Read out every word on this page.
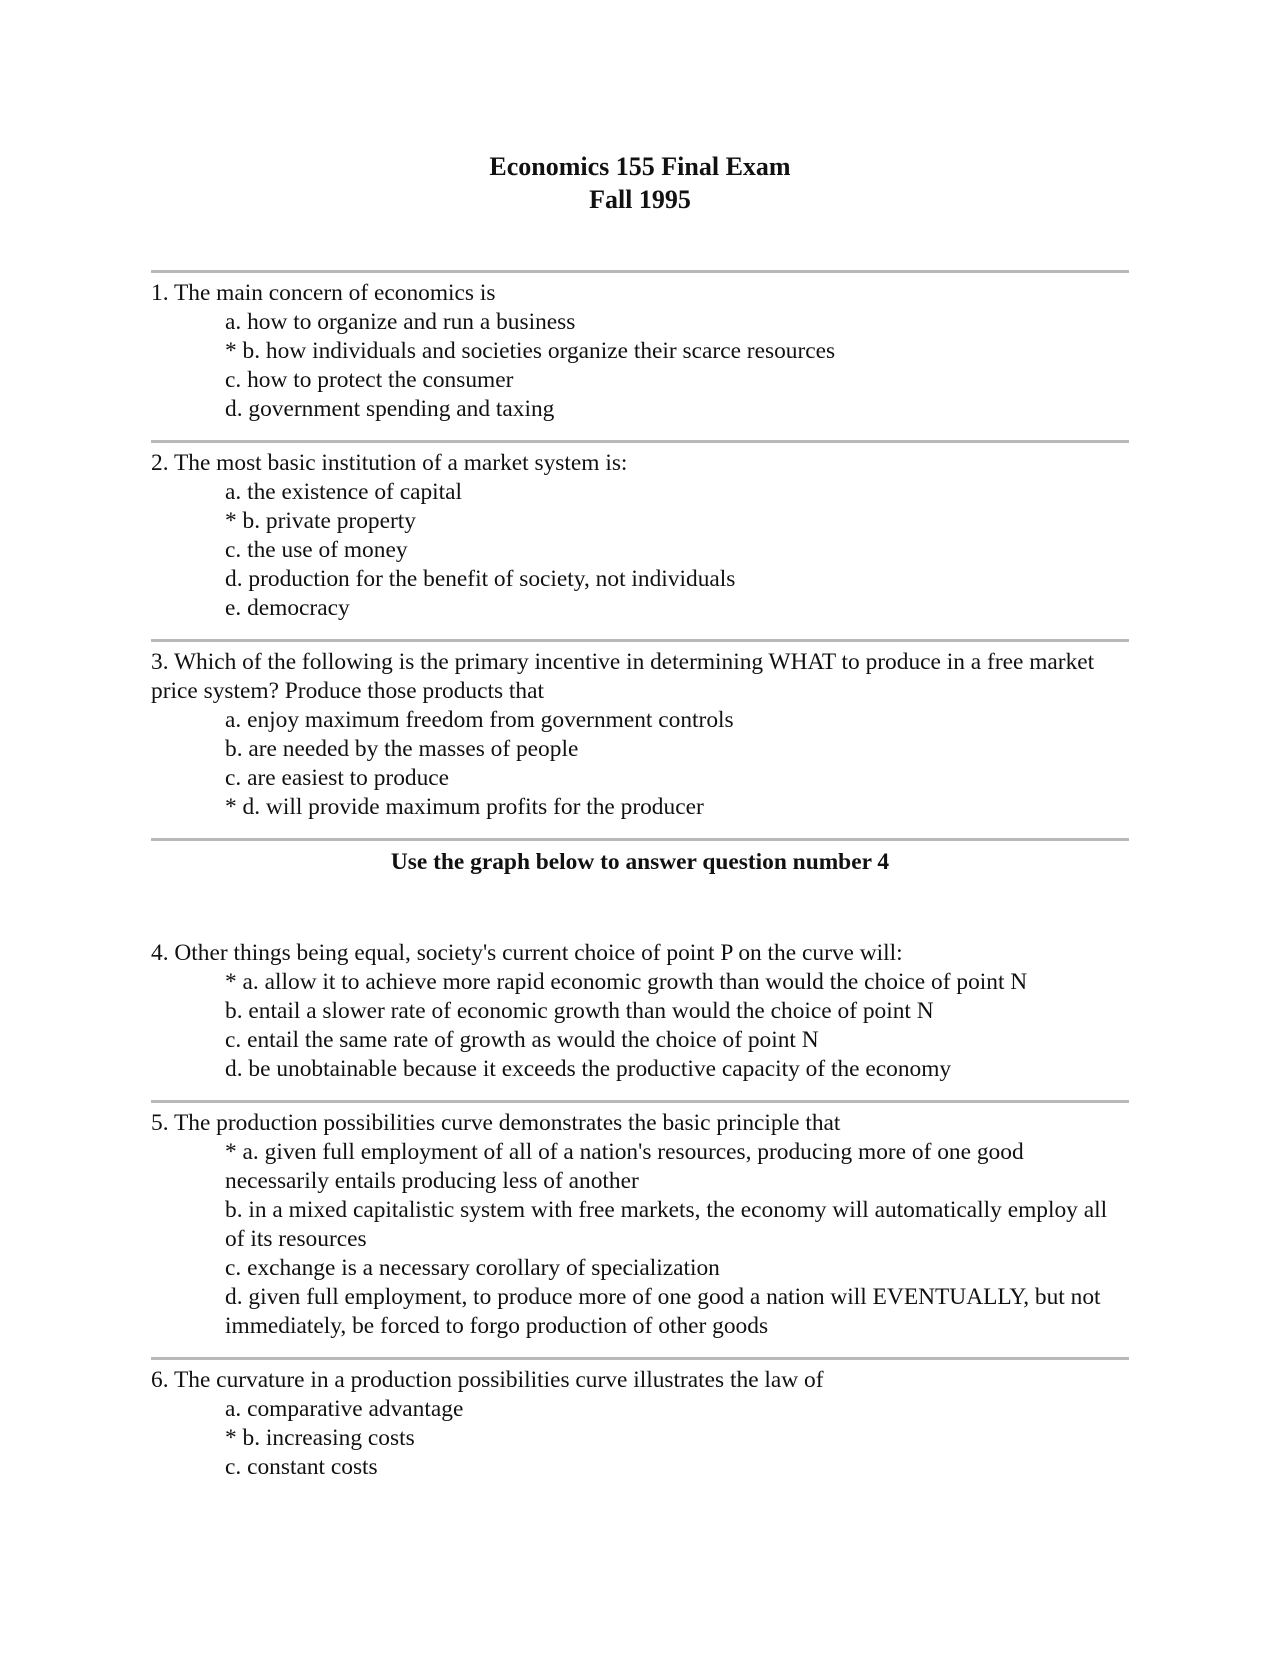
Economics 155 Final Exam
Fall 1995
1. The main concern of economics is
a. how to organize and run a business
* b. how individuals and societies organize their scarce resources
c. how to protect the consumer
d. government spending and taxing
2. The most basic institution of a market system is:
a. the existence of capital
* b. private property
c. the use of money
d. production for the benefit of society, not individuals
e. democracy
3. Which of the following is the primary incentive in determining WHAT to produce in a free market price system? Produce those products that
a. enjoy maximum freedom from government controls
b. are needed by the masses of people
c. are easiest to produce
* d. will provide maximum profits for the producer
Use the graph below to answer question number 4
4. Other things being equal, society's current choice of point P on the curve will:
* a. allow it to achieve more rapid economic growth than would the choice of point N
b. entail a slower rate of economic growth than would the choice of point N
c. entail the same rate of growth as would the choice of point N
d. be unobtainable because it exceeds the productive capacity of the economy
5. The production possibilities curve demonstrates the basic principle that
* a. given full employment of all of a nation's resources, producing more of one good necessarily entails producing less of another
b. in a mixed capitalistic system with free markets, the economy will automatically employ all of its resources
c. exchange is a necessary corollary of specialization
d. given full employment, to produce more of one good a nation will EVENTUALLY, but not immediately, be forced to forgo production of other goods
6. The curvature in a production possibilities curve illustrates the law of
a. comparative advantage
* b. increasing costs
c. constant costs
